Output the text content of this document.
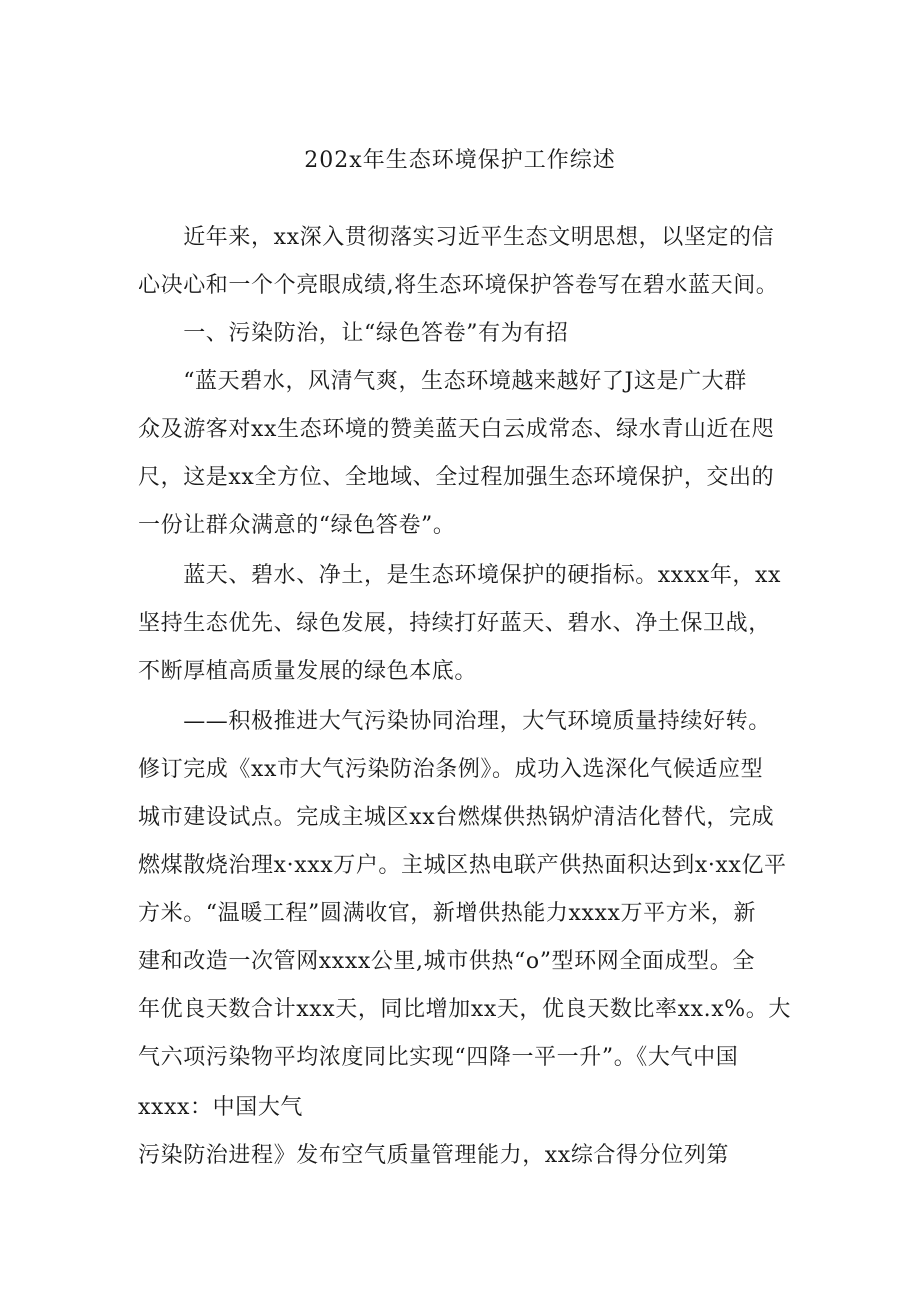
202x年生态环境保护工作综述
　　近年来，xx深入贯彻落实习近平生态文明思想，以坚定的信
心决心和一个个亮眼成绩,将生态环境保护答卷写在碧水蓝天间。
　　一、污染防治，让“绿色答卷”有为有招
　　“蓝天碧水，风清气爽，生态环境越来越好了J这是广大群
众及游客对xx生态环境的赞美蓝天白云成常态、绿水青山近在咫
尺，这是xx全方位、全地域、全过程加强生态环境保护，交出的
一份让群众满意的“绿色答卷”。
　　蓝天、碧水、净土，是生态环境保护的硬指标。xxxx年，xx
坚持生态优先、绿色发展，持续打好蓝天、碧水、净土保卫战，
不断厚植高质量发展的绿色本底。
　　——积极推进大气污染协同治理，大气环境质量持续好转。
修订完成《xx市大气污染防治条例》。成功入选深化气候适应型
城市建设试点。完成主城区xx台燃煤供热锅炉清洁化替代，完成
燃煤散烧治理x·xxx万户。主城区热电联产供热面积达到x·xx亿平
方米。“温暖工程”圆满收官，新增供热能力xxxx万平方米，新
建和改造一次管网xxxx公里,城市供热“o”型环网全面成型。全
年优良天数合计xxx天，同比增加xx天，优良天数比率xx.x%。大
气六项污染物平均浓度同比实现“四降一平一升”。《大气中国
xxxx：中国大气
污染防治进程》发布空气质量管理能力，xx综合得分位列第
